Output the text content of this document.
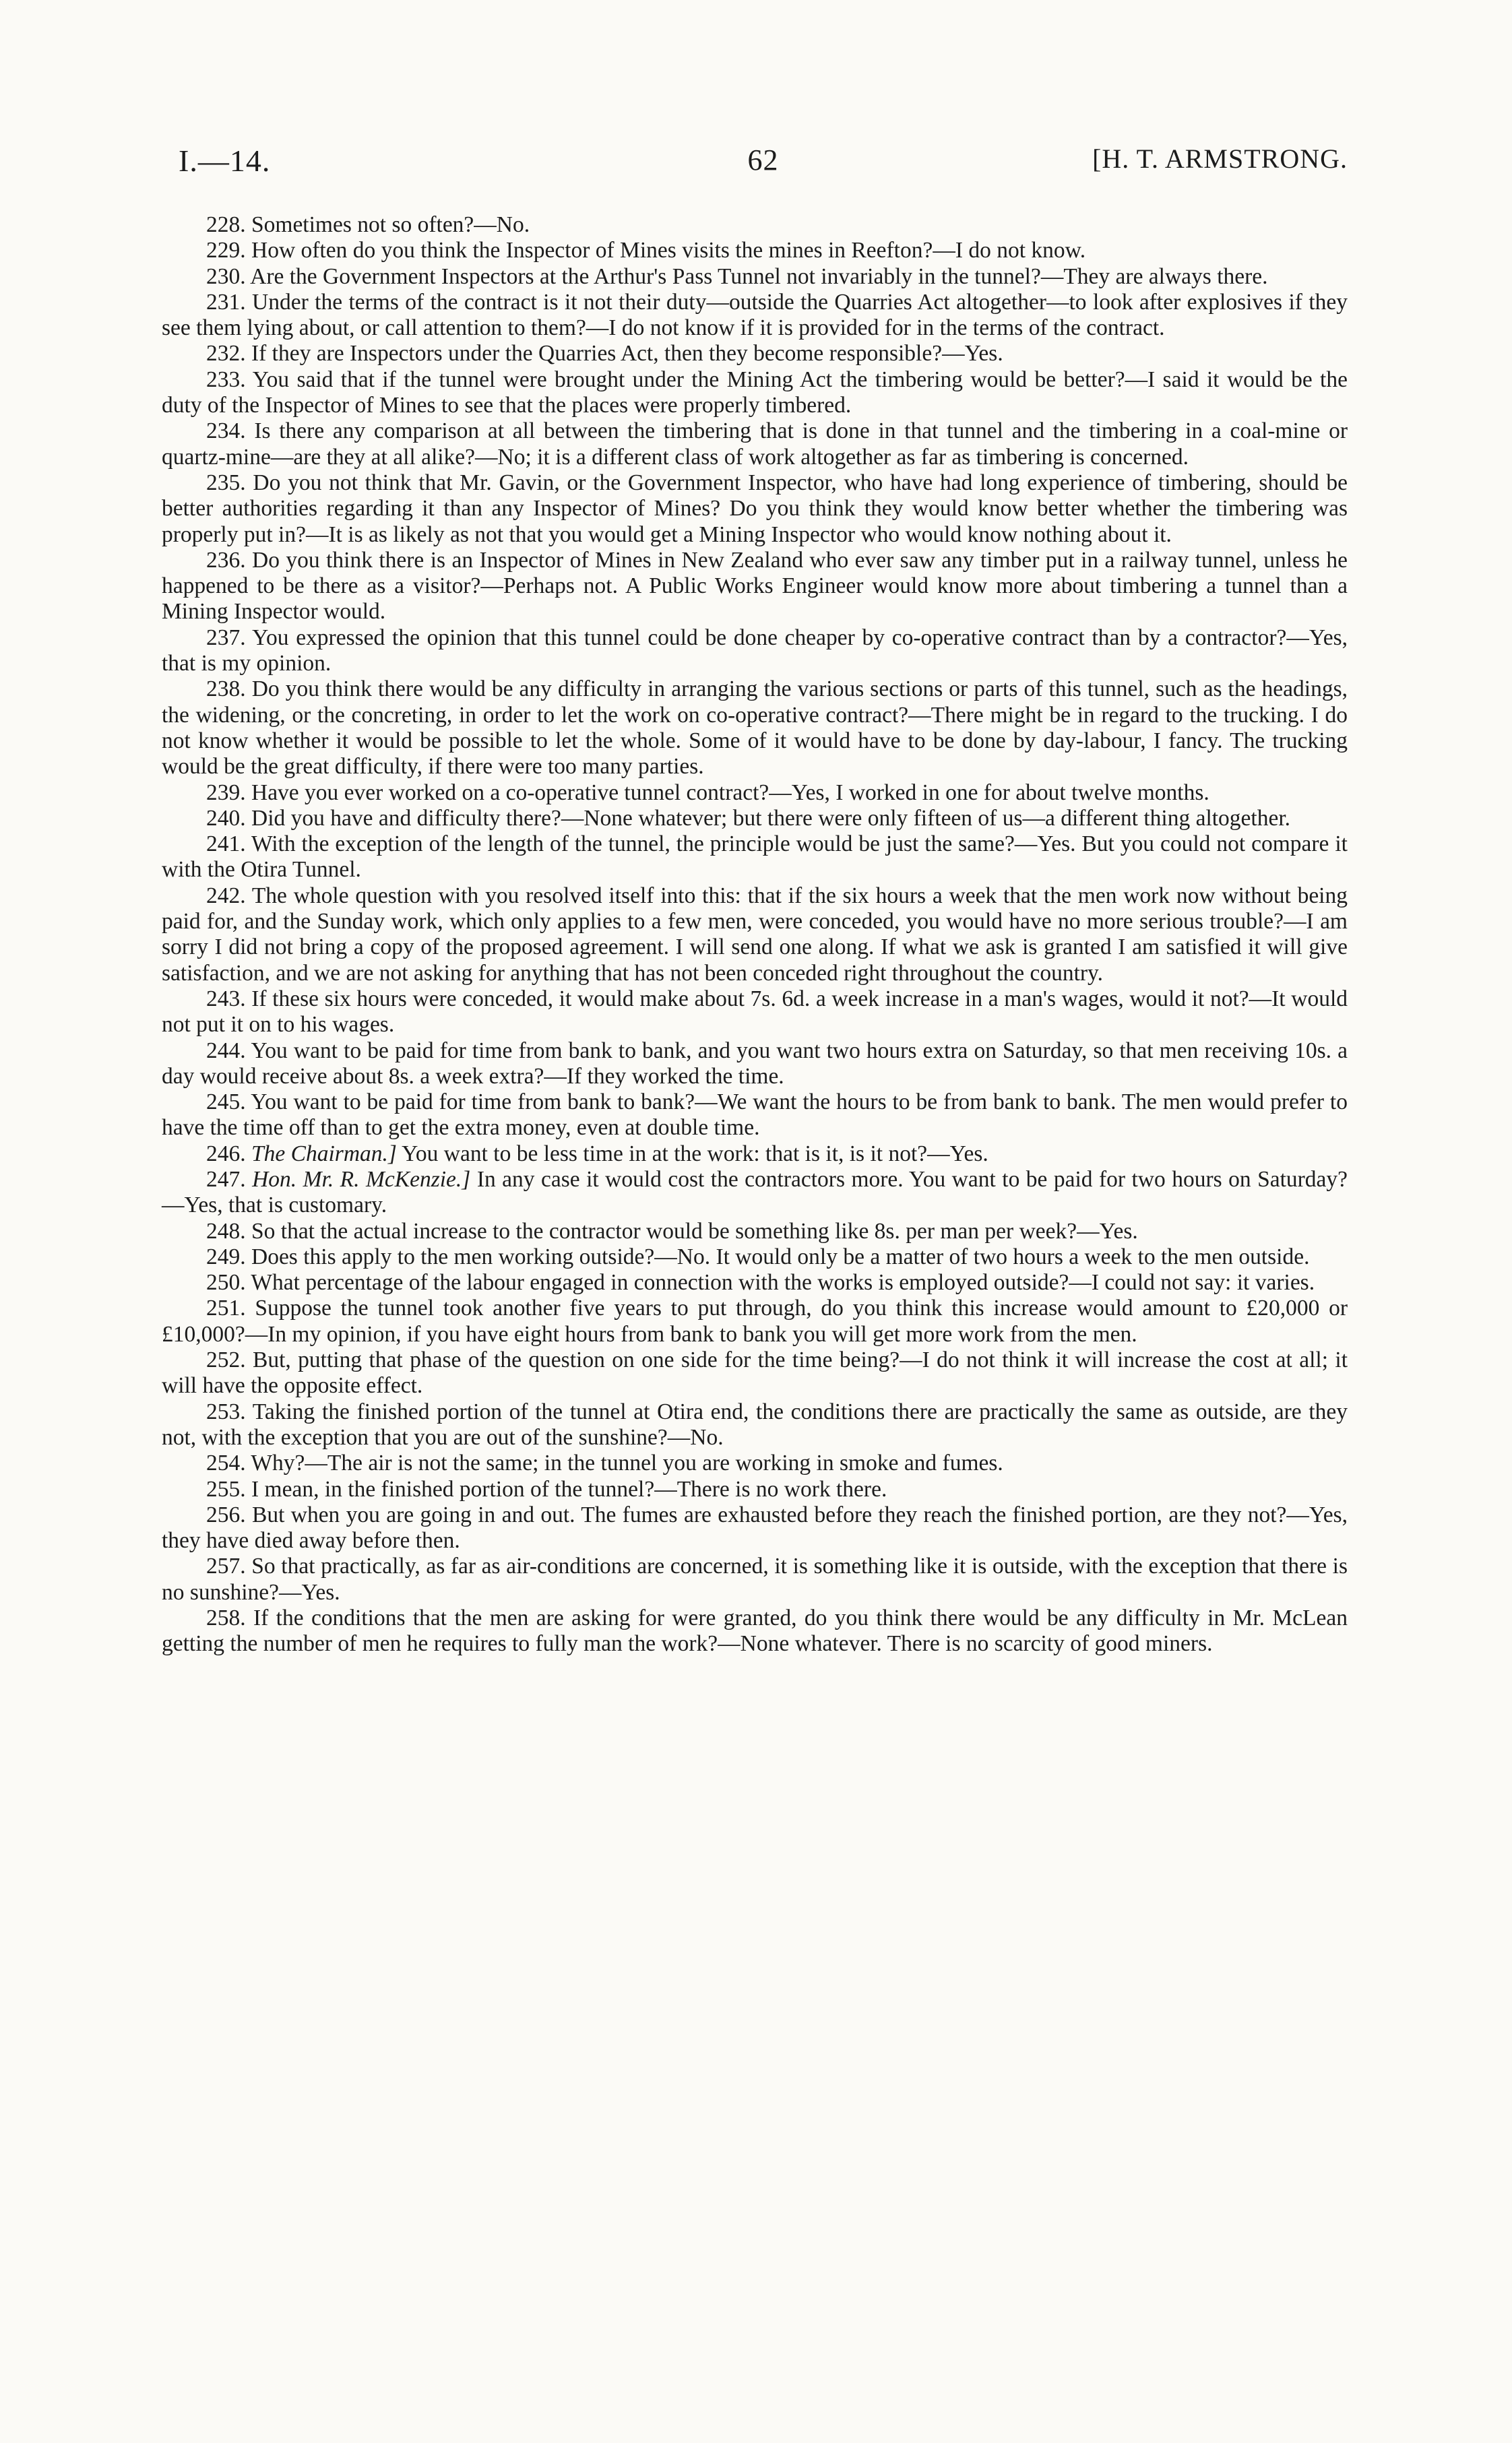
I.—14.	62	[H. T. ARMSTRONG.

228. Sometimes not so often?—No.

229. How often do you think the Inspector of Mines visits the mines in Reefton?—I do not know.

230. Are the Government Inspectors at the Arthur's Pass Tunnel not invariably in the tunnel?—They are always there.

231. Under the terms of the contract is it not their duty—outside the Quarries Act altogether—to look after explosives if they see them lying about, or call attention to them?—I do not know if it is provided for in the terms of the contract.

232. If they are Inspectors under the Quarries Act, then they become responsible?—Yes.

233. You said that if the tunnel were brought under the Mining Act the timbering would be better?—I said it would be the duty of the Inspector of Mines to see that the places were properly timbered.

234. Is there any comparison at all between the timbering that is done in that tunnel and the timbering in a coal-mine or quartz-mine—are they at all alike?—No; it is a different class of work altogether as far as timbering is concerned.

235. Do you not think that Mr. Gavin, or the Government Inspector, who have had long experience of timbering, should be better authorities regarding it than any Inspector of Mines? Do you think they would know better whether the timbering was properly put in?—It is as likely as not that you would get a Mining Inspector who would know nothing about it.

236. Do you think there is an Inspector of Mines in New Zealand who ever saw any timber put in a railway tunnel, unless he happened to be there as a visitor?—Perhaps not. A Public Works Engineer would know more about timbering a tunnel than a Mining Inspector would.

237. You expressed the opinion that this tunnel could be done cheaper by co-operative contract than by a contractor?—Yes, that is my opinion.

238. Do you think there would be any difficulty in arranging the various sections or parts of this tunnel, such as the headings, the widening, or the concreting, in order to let the work on co-operative contract?—There might be in regard to the trucking. I do not know whether it would be possible to let the whole. Some of it would have to be done by day-labour, I fancy. The trucking would be the great difficulty, if there were too many parties.

239. Have you ever worked on a co-operative tunnel contract?—Yes, I worked in one for about twelve months.

240. Did you have and difficulty there?—None whatever; but there were only fifteen of us—a different thing altogether.

241. With the exception of the length of the tunnel, the principle would be just the same?—Yes. But you could not compare it with the Otira Tunnel.

242. The whole question with you resolved itself into this: that if the six hours a week that the men work now without being paid for, and the Sunday work, which only applies to a few men, were conceded, you would have no more serious trouble?—I am sorry I did not bring a copy of the proposed agreement. I will send one along. If what we ask is granted I am satisfied it will give satisfaction, and we are not asking for anything that has not been conceded right throughout the country.

243. If these six hours were conceded, it would make about 7s. 6d. a week increase in a man's wages, would it not?—It would not put it on to his wages.

244. You want to be paid for time from bank to bank, and you want two hours extra on Saturday, so that men receiving 10s. a day would receive about 8s. a week extra?—If they worked the time.

245. You want to be paid for time from bank to bank?—We want the hours to be from bank to bank. The men would prefer to have the time off than to get the extra money, even at double time.

246. The Chairman.] You want to be less time in at the work: that is it, is it not?—Yes.

247. Hon. Mr. R. McKenzie.] In any case it would cost the contractors more. You want to be paid for two hours on Saturday?—Yes, that is customary.

248. So that the actual increase to the contractor would be something like 8s. per man per week?—Yes.

249. Does this apply to the men working outside?—No. It would only be a matter of two hours a week to the men outside.

250. What percentage of the labour engaged in connection with the works is employed outside?—I could not say: it varies.

251. Suppose the tunnel took another five years to put through, do you think this increase would amount to £20,000 or £10,000?—In my opinion, if you have eight hours from bank to bank you will get more work from the men.

252. But, putting that phase of the question on one side for the time being?—I do not think it will increase the cost at all; it will have the opposite effect.

253. Taking the finished portion of the tunnel at Otira end, the conditions there are practically the same as outside, are they not, with the exception that you are out of the sunshine?—No.

254. Why?—The air is not the same; in the tunnel you are working in smoke and fumes.

255. I mean, in the finished portion of the tunnel?—There is no work there.

256. But when you are going in and out. The fumes are exhausted before they reach the finished portion, are they not?—Yes, they have died away before then.

257. So that practically, as far as air-conditions are concerned, it is something like it is outside, with the exception that there is no sunshine?—Yes.

258. If the conditions that the men are asking for were granted, do you think there would be any difficulty in Mr. McLean getting the number of men he requires to fully man the work?—None whatever. There is no scarcity of good miners.
